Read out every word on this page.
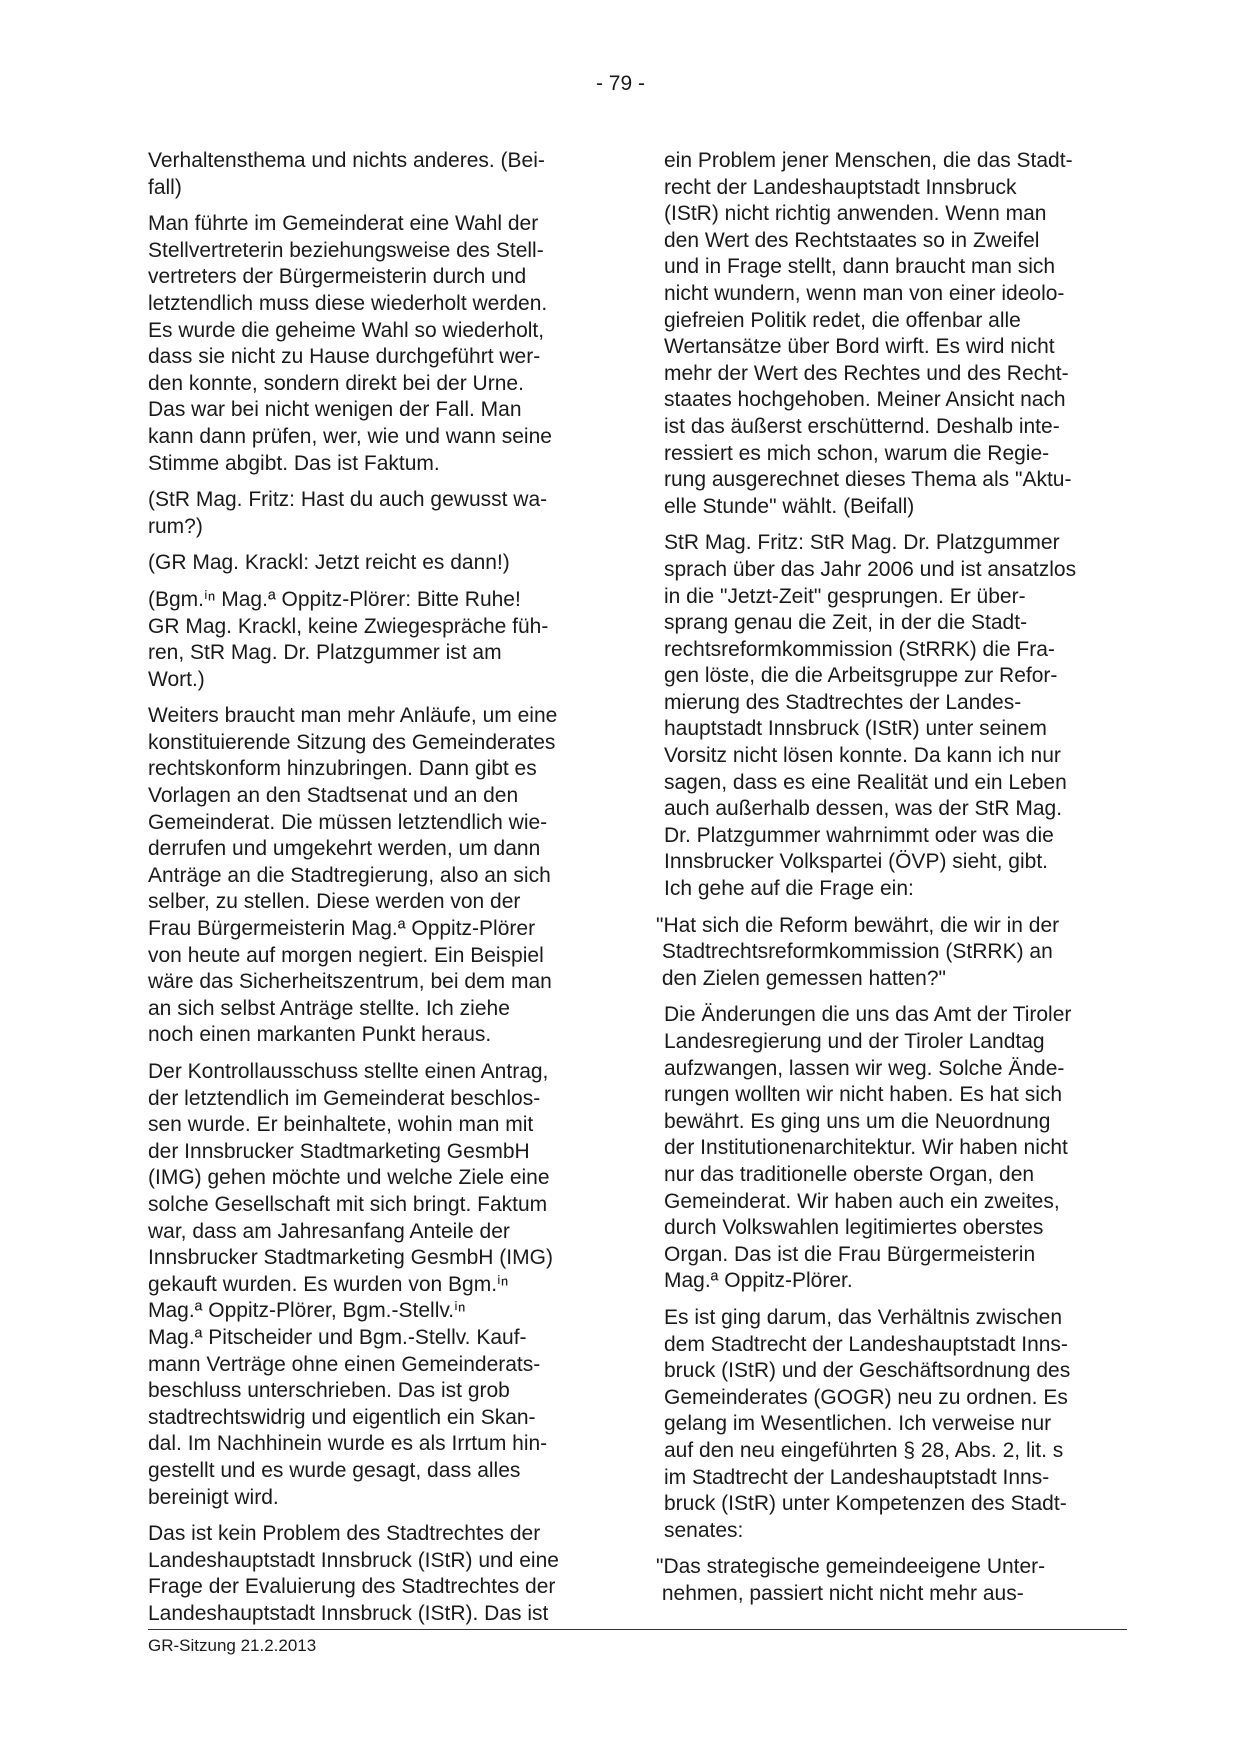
- 79 -

Verhaltensthema und nichts anderes. (Bei-
fall)

Man führte im Gemeinderat eine Wahl der
Stellvertreterin beziehungsweise des Stell-
vertreters der Bürgermeisterin durch und
letztendlich muss diese wiederholt werden.
Es wurde die geheime Wahl so wiederholt,
dass sie nicht zu Hause durchgeführt wer-
den konnte, sondern direkt bei der Urne.
Das war bei nicht wenigen der Fall. Man
kann dann prüfen, wer, wie und wann seine
Stimme abgibt. Das ist Faktum.

(StR Mag. Fritz: Hast du auch gewusst wa-
rum?)

(GR Mag. Krackl: Jetzt reicht es dann!)

(Bgm.ⁱⁿ Mag.ª Oppitz-Plörer: Bitte Ruhe!
GR Mag. Krackl, keine Zwiegespräche füh-
ren, StR Mag. Dr. Platzgummer ist am
Wort.)

Weiters braucht man mehr Anläufe, um eine
konstituierende Sitzung des Gemeinderates
rechtskonform hinzubringen. Dann gibt es
Vorlagen an den Stadtsenat und an den
Gemeinderat. Die müssen letztendlich wie-
derrufen und umgekehrt werden, um dann
Anträge an die Stadtregierung, also an sich
selber, zu stellen. Diese werden von der
Frau Bürgermeisterin Mag.ª Oppitz-Plörer
von heute auf morgen negiert. Ein Beispiel
wäre das Sicherheitszentrum, bei dem man
an sich selbst Anträge stellte. Ich ziehe
noch einen markanten Punkt heraus.

Der Kontrollausschuss stellte einen Antrag,
der letztendlich im Gemeinderat beschlos-
sen wurde. Er beinhaltete, wohin man mit
der Innsbrucker Stadtmarketing GesmbH
(IMG) gehen möchte und welche Ziele eine
solche Gesellschaft mit sich bringt. Faktum
war, dass am Jahresanfang Anteile der
Innsbrucker Stadtmarketing GesmbH (IMG)
gekauft wurden. Es wurden von Bgm.ⁱⁿ
Mag.ª Oppitz-Plörer, Bgm.-Stellv.ⁱⁿ
Mag.ª Pitscheider und Bgm.-Stellv. Kauf-
mann Verträge ohne einen Gemeinderats-
beschluss unterschrieben. Das ist grob
stadtrechtswidrig und eigentlich ein Skan-
dal. Im Nachhinein wurde es als Irrtum hin-
gestellt und es wurde gesagt, dass alles
bereinigt wird.

Das ist kein Problem des Stadtrechtes der
Landeshauptstadt Innsbruck (IStR) und eine
Frage der Evaluierung des Stadtrechtes der
Landeshauptstadt Innsbruck (IStR). Das ist

ein Problem jener Menschen, die das Stadt-
recht der Landeshauptstadt Innsbruck
(IStR) nicht richtig anwenden. Wenn man
den Wert des Rechtstaates so in Zweifel
und in Frage stellt, dann braucht man sich
nicht wundern, wenn man von einer ideolo-
giefreien Politik redet, die offenbar alle
Wertansätze über Bord wirft. Es wird nicht
mehr der Wert des Rechtes und des Recht-
staates hochgehoben. Meiner Ansicht nach
ist das äußerst erschütternd. Deshalb inte-
ressiert es mich schon, warum die Regie-
rung ausgerechnet dieses Thema als "Aktu-
elle Stunde" wählt. (Beifall)

StR Mag. Fritz: StR Mag. Dr. Platzgummer
sprach über das Jahr 2006 und ist ansatzlos
in die "Jetzt-Zeit" gesprungen. Er über-
sprang genau die Zeit, in der die Stadt-
rechtsreformkommission (StRRK) die Fra-
gen löste, die die Arbeitsgruppe zur Refor-
mierung des Stadtrechtes der Landes-
hauptstadt Innsbruck (IStR) unter seinem
Vorsitz nicht lösen konnte. Da kann ich nur
sagen, dass es eine Realität und ein Leben
auch außerhalb dessen, was der StR Mag.
Dr. Platzgummer wahrnimmt oder was die
Innsbrucker Volkspartei (ÖVP) sieht, gibt.
Ich gehe auf die Frage ein:

"Hat sich die Reform bewährt, die wir in der
Stadtrechtsreformkommission (StRRK) an
den Zielen gemessen hatten?"

Die Änderungen die uns das Amt der Tiroler
Landesregierung und der Tiroler Landtag
aufzwangen, lassen wir weg. Solche Ände-
rungen wollten wir nicht haben. Es hat sich
bewährt. Es ging uns um die Neuordnung
der Institutionenarchitektur. Wir haben nicht
nur das traditionelle oberste Organ, den
Gemeinderat. Wir haben auch ein zweites,
durch Volkswahlen legitimiertes oberstes
Organ. Das ist die Frau Bürgermeisterin
Mag.ª Oppitz-Plörer.

Es ist ging darum, das Verhältnis zwischen
dem Stadtrecht der Landeshauptstadt Inns-
bruck (IStR) und der Geschäftsordnung des
Gemeinderates (GOGR) neu zu ordnen. Es
gelang im Wesentlichen. Ich verweise nur
auf den neu eingeführten § 28, Abs. 2, lit. s
im Stadtrecht der Landeshauptstadt Inns-
bruck (IStR) unter Kompetenzen des Stadt-
senates:

"Das strategische gemeindeeigene Unter-
nehmen, passiert nicht nicht mehr aus-

GR-Sitzung 21.2.2013
